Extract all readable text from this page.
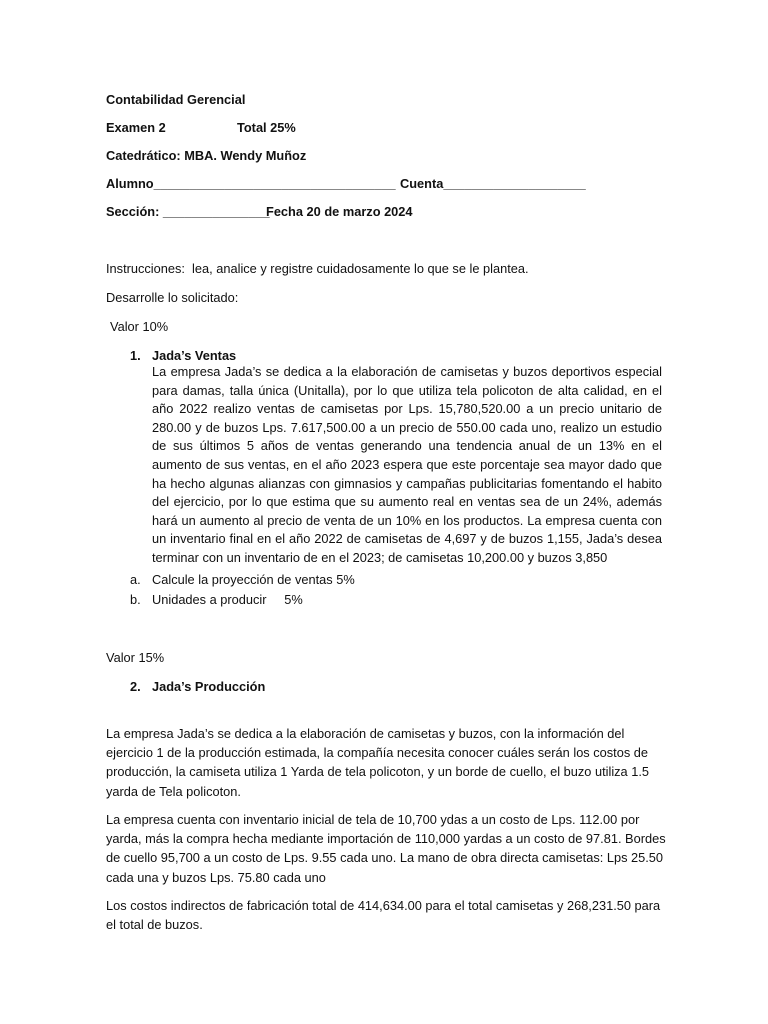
Contabilidad Gerencial
Examen 2	Total 25%
Catedrático: MBA. Wendy Muñoz
Alumno__________________________________ Cuenta____________________
Sección: _______________
Fecha 20 de marzo 2024
Instrucciones:  lea, analice y registre cuidadosamente lo que se le plantea.
Desarrolle lo solicitado:
Valor 10%
1. Jada’s Ventas
La empresa Jada’s se dedica a la elaboración de camisetas y buzos deportivos especial para damas, talla única (Unitalla), por lo que utiliza tela policoton de alta calidad, en el año 2022 realizo ventas de camisetas por Lps. 15,780,520.00 a un precio unitario de 280.00 y de buzos Lps. 7.617,500.00 a un precio de 550.00 cada uno, realizo un estudio de sus últimos 5 años de ventas generando una tendencia anual de un 13% en el aumento de sus ventas, en el año 2023 espera que este porcentaje sea mayor dado que ha hecho algunas alianzas con gimnasios y campañas publicitarias fomentando el habito del ejercicio, por lo que estima que su aumento real en ventas sea de un 24%, además hará un aumento al precio de venta de un 10% en los productos. La empresa cuenta con un inventario final en el año 2022 de camisetas de 4,697 y de buzos 1,155, Jada’s desea terminar con un inventario de en el 2023; de camisetas 10,200.00 y buzos 3,850
a. Calcule la proyección de ventas 5%
b. Unidades a producir     5%
Valor 15%
2. Jada’s Producción
La empresa Jada’s se dedica a la elaboración de camisetas y buzos, con la información del ejercicio 1 de la producción estimada, la compañía necesita conocer cuáles serán los costos de producción, la camiseta utiliza 1 Yarda de tela policoton, y un borde de cuello, el buzo utiliza 1.5 yarda de Tela policoton.
La empresa cuenta con inventario inicial de tela de 10,700 ydas a un costo de Lps. 112.00 por yarda, más la compra hecha mediante importación de 110,000 yardas a un costo de 97.81. Bordes de cuello 95,700 a un costo de Lps. 9.55 cada uno. La mano de obra directa camisetas: Lps 25.50 cada una y buzos Lps. 75.80 cada uno
Los costos indirectos de fabricación total de 414,634.00 para el total camisetas y 268,231.50 para el total de buzos.
